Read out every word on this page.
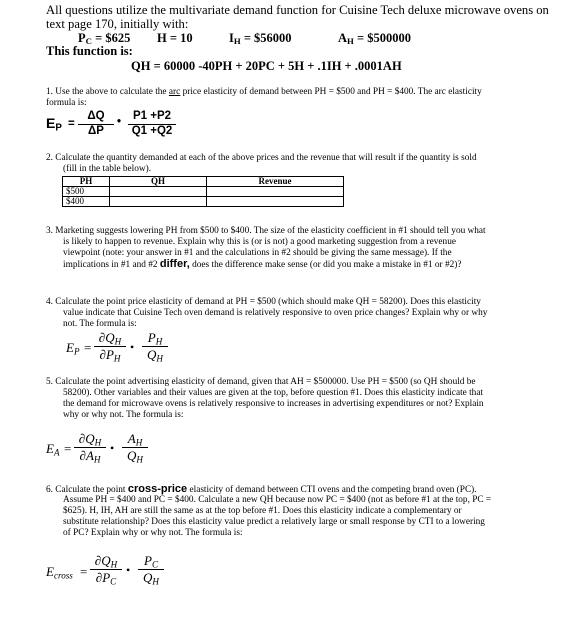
All questions utilize the multivariate demand function for Cuisine Tech deluxe microwave ovens on
text page 170, initially with:
$P_C$ = $625 H = 10	$I_H$ = $56000	$A_H$ = $500000
This function is:
QH = 60000 -40PH + 20PC + 5H + .1IH + .0001AH
1. Use the above to calculate the arc price elasticity of demand between PH = $500 and PH = $400. The arc elasticity
formula is:
$E_P$ =
ΔQ
ΔP
•	P1 +P2
Q1 +Q2
2. Calculate the quantity demanded at each of the above prices and the revenue that will result if the quantity is sold
(fill in the table below).
PH	QH	Revenue
$500		
$400		
3. Marketing suggests lowering PH from $500 to $400. The size of the elasticity coefficient in #1 should tell you what
is likely to happen to revenue. Explain why this is (or is not) a good marketing suggestion from a revenue
viewpoint (note: your answer in #1 and the calculations in #2 should be giving the same message). If the
implications in #1 and #2 differ, does the difference make sense (or did you make a mistake in #1 or #2)?
4. Calculate the point price elasticity of demand at PH = $500 (which should make QH = 58200). Does this elasticity
value indicate that Cuisine Tech oven demand is relatively responsive to oven price changes? Explain why or why
not. The formula is:
$E_P$ =
$\partial Q_H$
$\partial P_H$
•
$P_H$
$Q_H$
5. Calculate the point advertising elasticity of demand, given that AH = $500000. Use PH = $500 (so QH should be
58200). Other variables and their values are given at the top, before question #1. Does this elasticity indicate that
the demand for microwave ovens is relatively responsive to increases in advertising expenditures or not? Explain
why or why not. The formula is:
$E_A$ =
$\partial Q_H$
$\partial A_H$
•
$A_H$
$Q_H$
6. Calculate the point cross-price elasticity of demand between CTI ovens and the competing brand oven (PC).
Assume PH = $400 and PC = $400. Calculate a new QH because now PC = $400 (not as before #1 at the top, PC =
$625). H, IH, AH are still the same as at the top before #1. Does this elasticity indicate a complementary or
substitute relationship? Does this elasticity value predict a relatively large or small response by CTI to a lowering
of PC? Explain why or why not. The formula is:
$E_{cross}$ =
$\partial Q_H$
$\partial P_C$
•
$P_C$
$Q_H$
